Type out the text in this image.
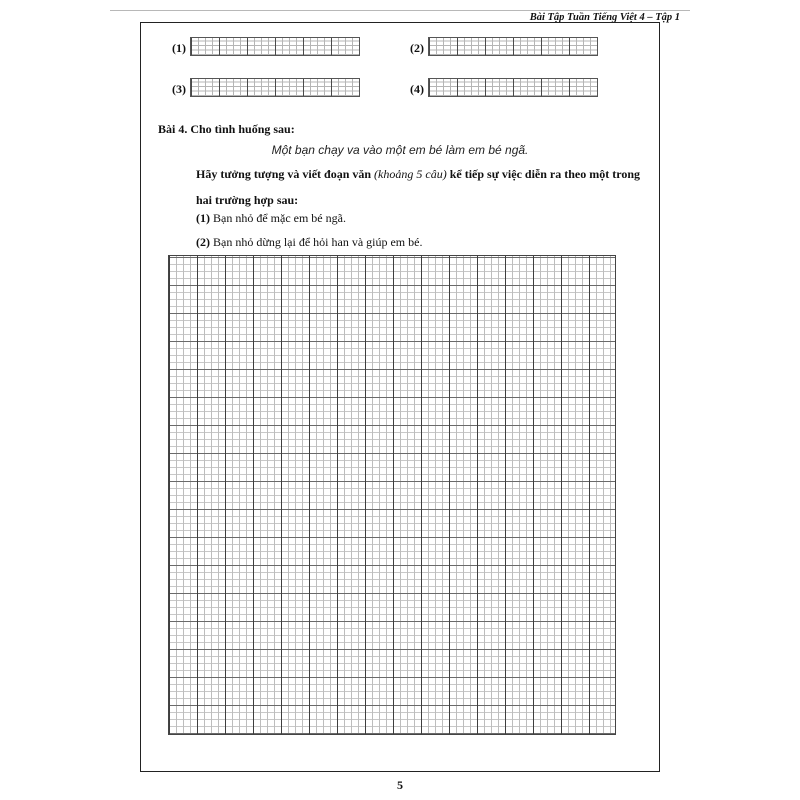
Bài Tập Tuần Tiếng Việt 4 – Tập 1
(1)	(2)
(3)	(4)
Bài 4. Cho tình huống sau:
Một bạn chạy va vào một em bé làm em bé ngã.
Hãy tưởng tượng và viết đoạn văn (khoảng 5 câu) kể tiếp sự việc diễn ra theo một trong hai trường hợp sau:
(1) Bạn nhỏ để mặc em bé ngã.
(2) Bạn nhỏ dừng lại để hỏi han và giúp em bé.
5
